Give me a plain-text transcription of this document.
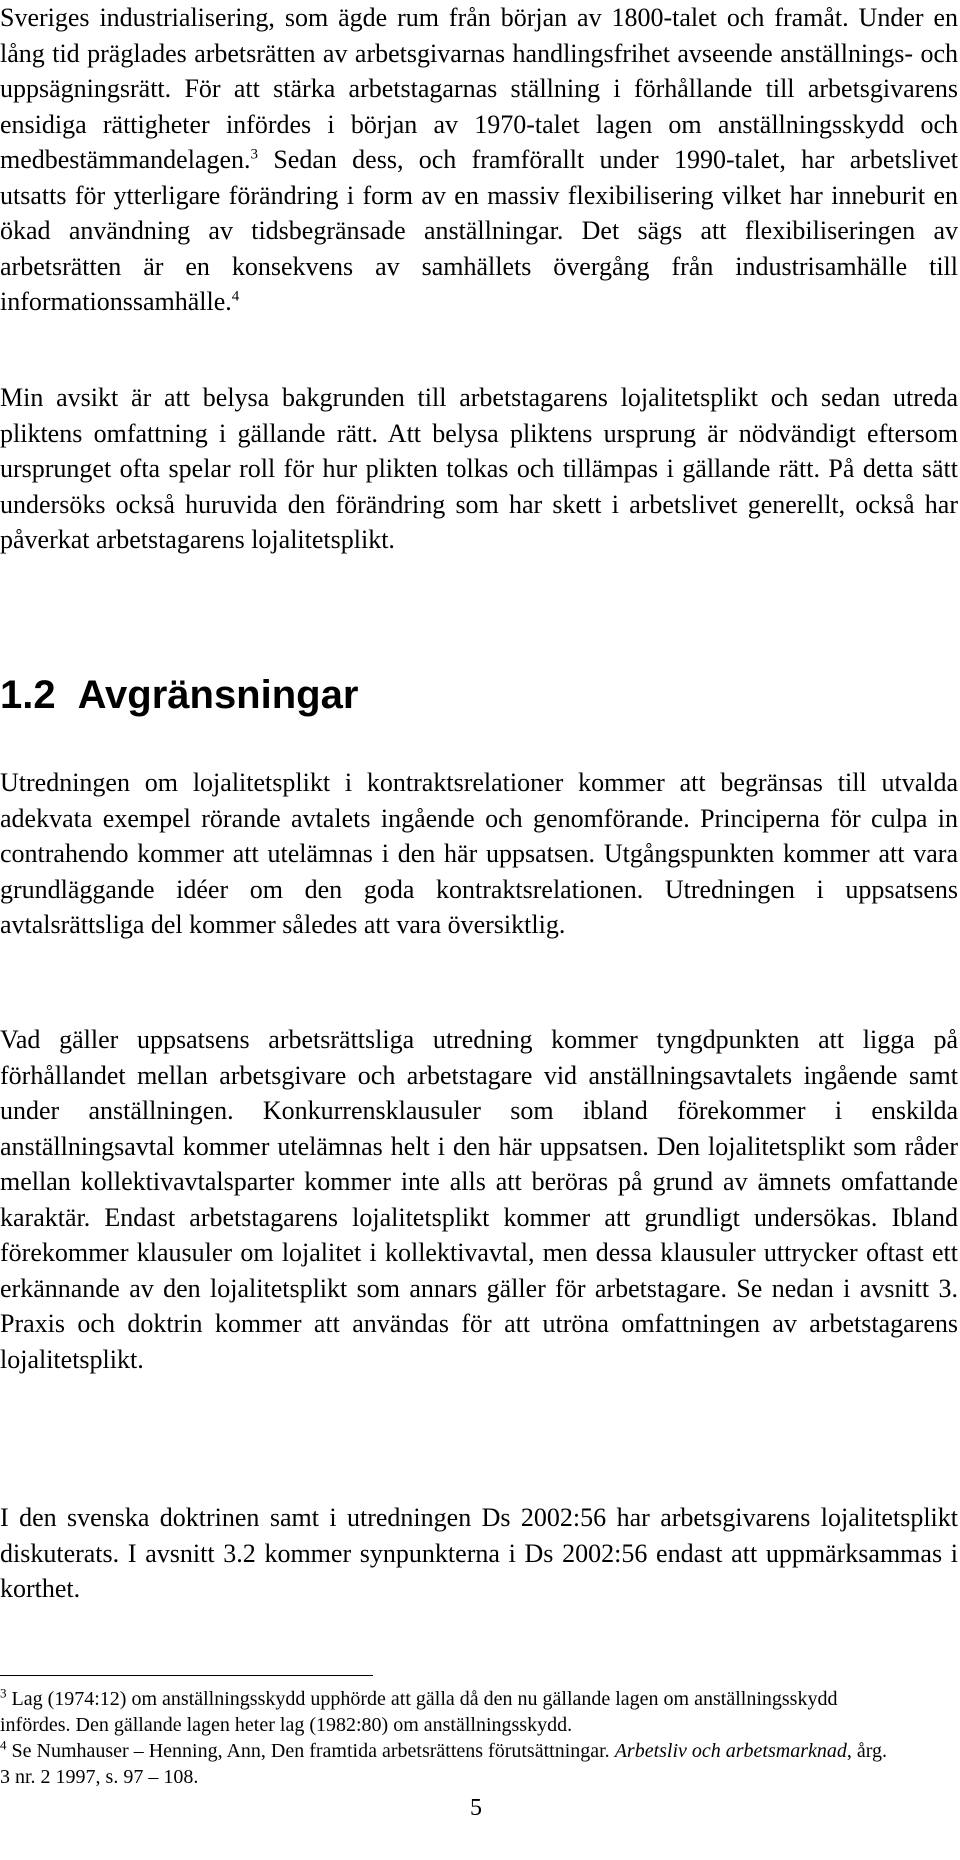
Sveriges industrialisering, som ägde rum från början av 1800-talet och framåt. Under en lång tid präglades arbetsrätten av arbetsgivarnas handlingsfrihet avseende anställnings- och uppsägningsrätt. För att stärka arbetstagarnas ställning i förhållande till arbetsgivarens ensidiga rättigheter infördes i början av 1970-talet lagen om anställningsskydd och medbestämmandelagen.$^3$ Sedan dess, och framförallt under 1990-talet, har arbetslivet utsatts för ytterligare förändring i form av en massiv flexibilisering vilket har inneburit en ökad användning av tidsbegränsade anställningar. Det sägs att flexibiliseringen av arbetsrätten är en konsekvens av samhällets övergång från industrisamhälle till informationssamhälle.$^4$

Min avsikt är att belysa bakgrunden till arbetstagarens lojalitetsplikt och sedan utreda pliktens omfattning i gällande rätt. Att belysa pliktens ursprung är nödvändigt eftersom ursprunget ofta spelar roll för hur plikten tolkas och tillämpas i gällande rätt. På detta sätt undersöks också huruvida den förändring som har skett i arbetslivet generellt, också har påverkat arbetstagarens lojalitetsplikt.

1.2 Avgränsningar

Utredningen om lojalitetsplikt i kontraktsrelationer kommer att begränsas till utvalda adekvata exempel rörande avtalets ingående och genomförande. Principerna för culpa in contrahendo kommer att utelämnas i den här uppsatsen. Utgångspunkten kommer att vara grundläggande idéer om den goda kontraktsrelationen. Utredningen i uppsatsens avtalsrättsliga del kommer således att vara översiktlig.

Vad gäller uppsatsens arbetsrättsliga utredning kommer tyngdpunkten att ligga på förhållandet mellan arbetsgivare och arbetstagare vid anställningsavtalets ingående samt under anställningen. Konkurrensklausuler som ibland förekommer i enskilda anställningsavtal kommer utelämnas helt i den här uppsatsen. Den lojalitetsplikt som råder mellan kollektivavtalsparter kommer inte alls att beröras på grund av ämnets omfattande karaktär. Endast arbetstagarens lojalitetsplikt kommer att grundligt undersökas. Ibland förekommer klausuler om lojalitet i kollektivavtal, men dessa klausuler uttrycker oftast ett erkännande av den lojalitetsplikt som annars gäller för arbetstagare. Se nedan i avsnitt 3. Praxis och doktrin kommer att användas för att utröna omfattningen av arbetstagarens lojalitetsplikt.

I den svenska doktrinen samt i utredningen Ds 2002:56 har arbetsgivarens lojalitetsplikt diskuterats. I avsnitt 3.2 kommer synpunkterna i Ds 2002:56 endast att uppmärksammas i korthet.

$^3$ Lag (1974:12) om anställningsskydd upphörde att gälla då den nu gällande lagen om anställningsskydd infördes. Den gällande lagen heter lag (1982:80) om anställningsskydd.

$^4$ Se Numhauser – Henning, Ann, Den framtida arbetsrättens förutsättningar. Arbetsliv och arbetsmarknad, årg. 3 nr. 2 1997, s. 97 – 108.

5
